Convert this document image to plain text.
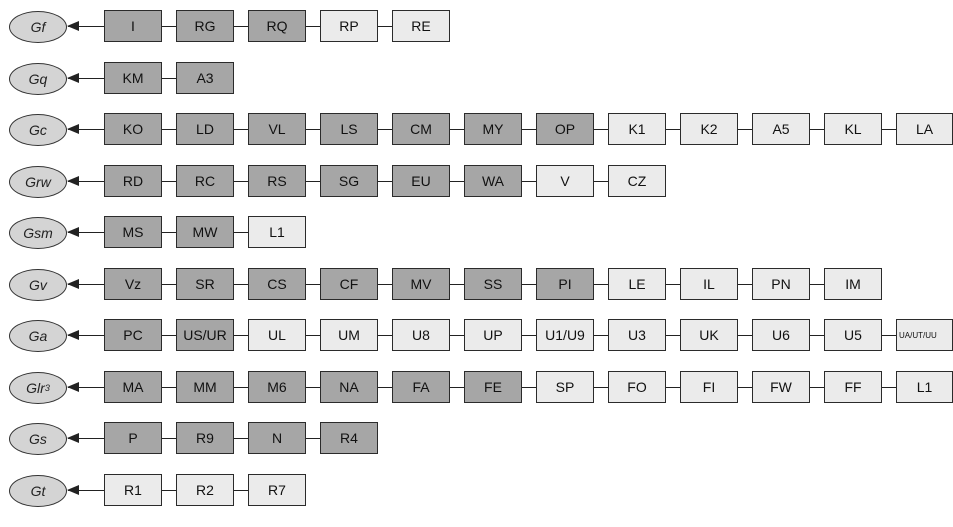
Gf	I	RG	RQ	RP	RE
Gq	KM	A3
Gc	KO	LD	VL	LS	CM	MY	OP	K1	K2	A5	KL	LA
Grw	RD	RC	RS	SG	EU	WA	V	CZ
Gsm	MS	MW	L1
Gv	Vz	SR	CS	CF	MV	SS	PI	LE	IL	PN	IM
Ga	PC	US/UR	UL	UM	U8	UP	U1/U9	U3	UK	U6	U5	UA/UT/UU
Glr 3	MA	MM	M6	NA	FA	FE	SP	FO	FI	FW	FF	L1
Gs	P	R9	N	R4
Gt	R1	R2	R7
